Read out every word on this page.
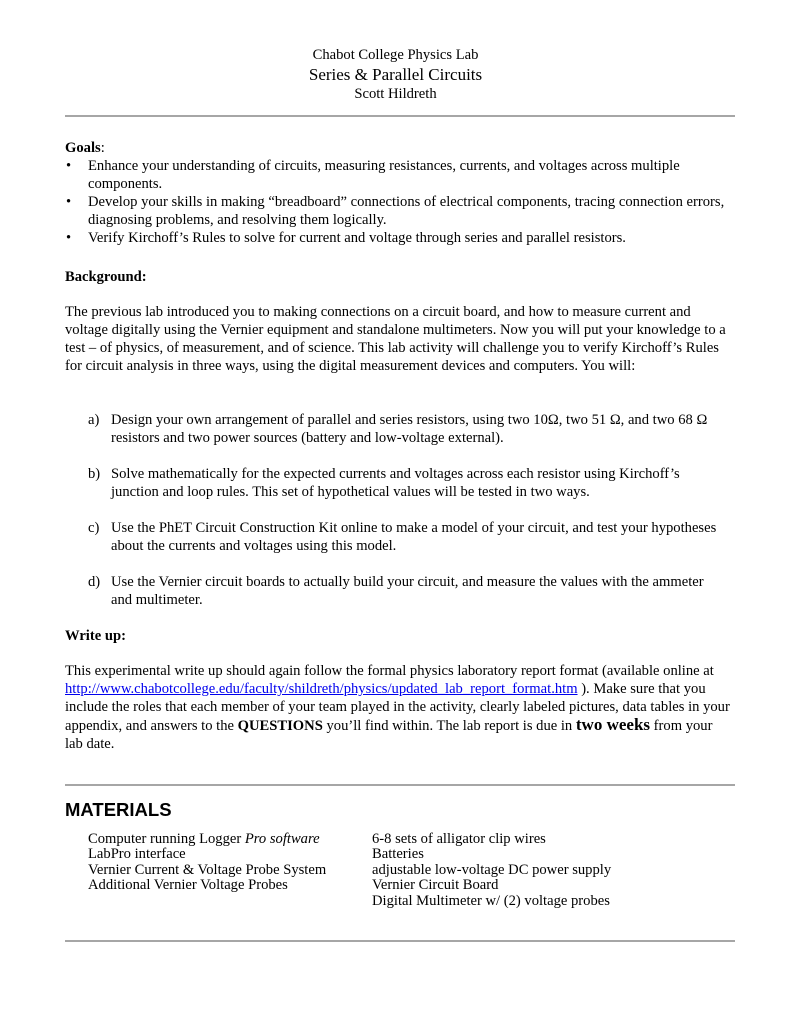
Chabot College Physics Lab
Series & Parallel Circuits
Scott Hildreth
Goals:
• Enhance your understanding of circuits, measuring resistances, currents, and voltages across multiple components.
• Develop your skills in making “breadboard” connections of electrical components, tracing connection errors, diagnosing problems, and resolving them logically.
• Verify Kirchoff’s Rules to solve for current and voltage through series and parallel resistors.
Background:

The previous lab introduced you to making connections on a circuit board, and how to measure current and voltage digitally using the Vernier equipment and standalone multimeters. Now you will put your knowledge to a test – of physics, of measurement, and of science. This lab activity will challenge you to verify Kirchoff’s Rules for circuit analysis in three ways, using the digital measurement devices and computers. You will:

a) Design your own arrangement of parallel and series resistors, using two 10Ω, two 51 Ω, and two 68 Ω resistors and two power sources (battery and low-voltage external).
b) Solve mathematically for the expected currents and voltages across each resistor using Kirchoff’s junction and loop rules. This set of hypothetical values will be tested in two ways.
c) Use the PhET Circuit Construction Kit online to make a model of your circuit, and test your hypotheses about the currents and voltages using this model.
d) Use the Vernier circuit boards to actually build your circuit, and measure the values with the ammeter and multimeter.
Write up:

This experimental write up should again follow the formal physics laboratory report format (available online at http://www.chabotcollege.edu/faculty/shildreth/physics/updated_lab_report_format.htm ). Make sure that you include the roles that each member of your team played in the activity, clearly labeled pictures, data tables in your appendix, and answers to the QUESTIONS you’ll find within. The lab report is due in two weeks from your lab date.

MATERIALS
Computer running Logger Pro software
LabPro interface
Vernier Current & Voltage Probe System
Additional Vernier Voltage Probes
6-8 sets of alligator clip wires
Batteries
adjustable low-voltage DC power supply
Vernier Circuit Board
Digital Multimeter w/ (2) voltage probes
